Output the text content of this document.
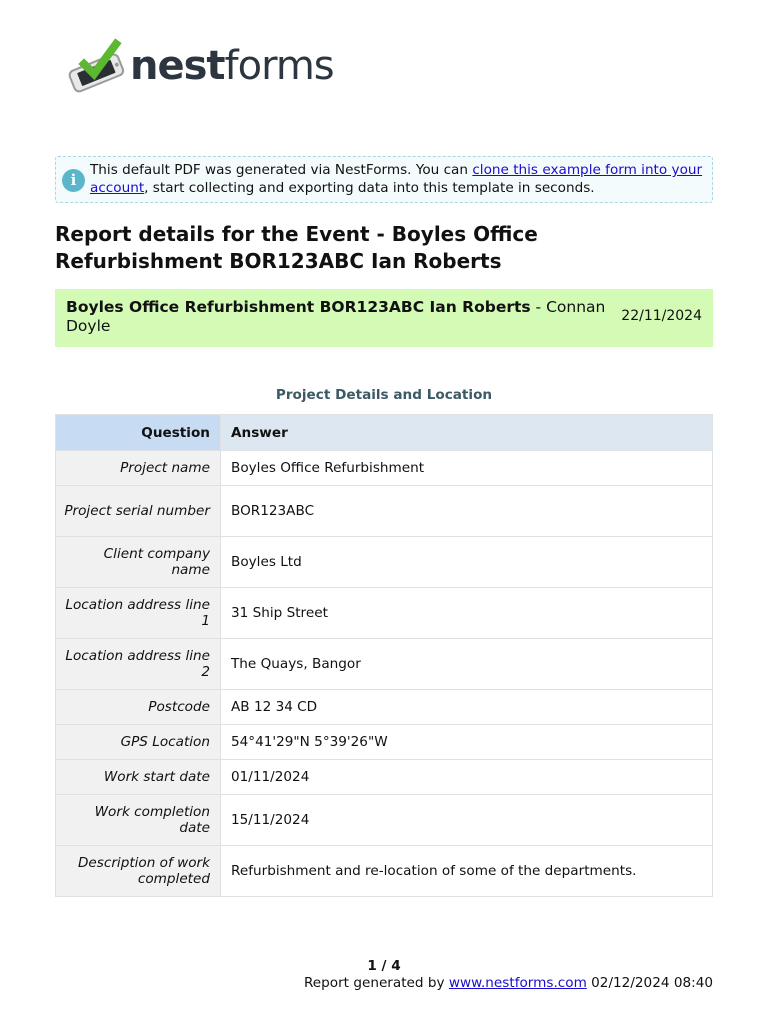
nestforms
i
This default PDF was generated via NestForms. You can clone this example form into your account, start collecting and exporting data into this template in seconds.
Report details for the Event - Boyles Office Refurbishment BOR123ABC Ian Roberts
Boyles Office Refurbishment BOR123ABC Ian Roberts - Connan Doyle
22/11/2024
Project Details and Location
Question	Answer
Project name	Boyles Office Refurbishment
Project serial number	BOR123ABC
Client company name	Boyles Ltd
Location address line 1	31 Ship Street
Location address line 2	The Quays, Bangor
Postcode	AB 12 34 CD
GPS Location	54°41'29"N 5°39'26"W
Work start date	01/11/2024
Work completion date	15/11/2024
Description of work completed	Refurbishment and re-location of some of the departments.
1 / 4
Report generated by www.nestforms.com 02/12/2024 08:40
